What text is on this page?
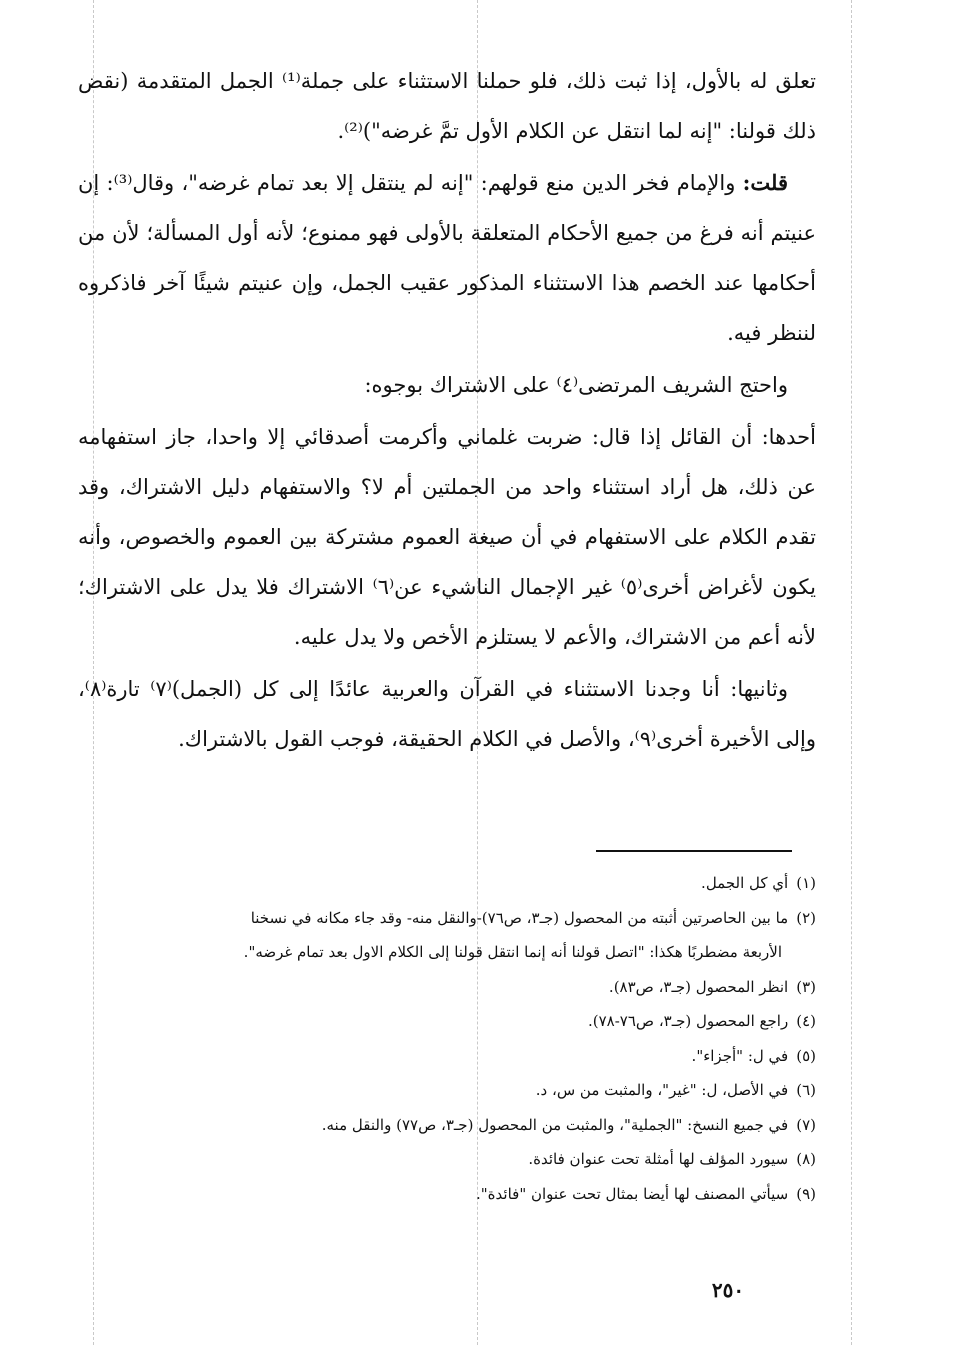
تعلق له بالأول، إذا ثبت ذلك، فلو حملنا الاستثناء على جملة⁽¹⁾ الجمل المتقدمة (نقض ذلك قولنا: "إنه لما انتقل عن الكلام الأول تمَّ غرضه")⁽²⁾.

قلت: والإمام فخر الدين منع قولهم: "إنه لم ينتقل إلا بعد تمام غرضه"، وقال⁽³⁾: إن عنيتم أنه فرغ من جميع الأحكام المتعلقة بالأولى فهو ممنوع؛ لأنه أول المسألة؛ لأن من أحكامها عند الخصم هذا الاستثناء المذكور عقيب الجمل، وإن عنيتم شيئًا آخر فاذكروه لننظر فيه.

واحتج الشريف المرتضى⁽٤⁾ على الاشتراك بوجوه:

أحدها: أن القائل إذا قال: ضربت غلماني وأكرمت أصدقائي إلا واحدا، جاز استفهامه عن ذلك، هل أراد استثناء واحد من الجملتين أم لا؟ والاستفهام دليل الاشتراك، وقد تقدم الكلام على الاستفهام في أن صيغة العموم مشتركة بين العموم والخصوص، وأنه يكون لأغراض أخرى⁽٥⁾ غير الإجمال الناشيء عن⁽٦⁾ الاشتراك فلا يدل على الاشتراك؛ لأنه أعم من الاشتراك، والأعم لا يستلزم الأخص ولا يدل عليه.

وثانيها: أنا وجدنا الاستثناء في القرآن والعربية عائدًا إلى كل (الجمل)⁽٧⁾ تارة⁽٨⁾، وإلى الأخيرة أخرى⁽٩⁾، والأصل في الكلام الحقيقة، فوجب القول بالاشتراك.

(١)أي كل الجمل.

(٢)ما بين الحاصرتين أثبته من المحصول (جـ٣، ص٧٦)-والنقل منه- وقد جاء مكانه في نسخنا

الأربعة مضطربًا هكذا: "اتصل قولنا أنه إنما انتقل قولنا إلى الكلام الاول بعد تمام غرضه".

(٣)انظر المحصول (جـ٣، ص٨٣).

(٤)راجع المحصول (جـ٣، ص٧٦-٧٨).

(٥)في ل: "أجزاء".

(٦)في الأصل، ل: "غير"، والمثبت من س، د.

(٧)في جميع النسخ: "الجملية"، والمثبت من المحصول (جـ٣، ص٧٧) والنقل منه.

(٨)سيورد المؤلف لها أمثلة تحت عنوان فائدة.

(٩)سيأتي المصنف لها أيضا بمثال تحت عنوان "فائدة".

٢٥٠
